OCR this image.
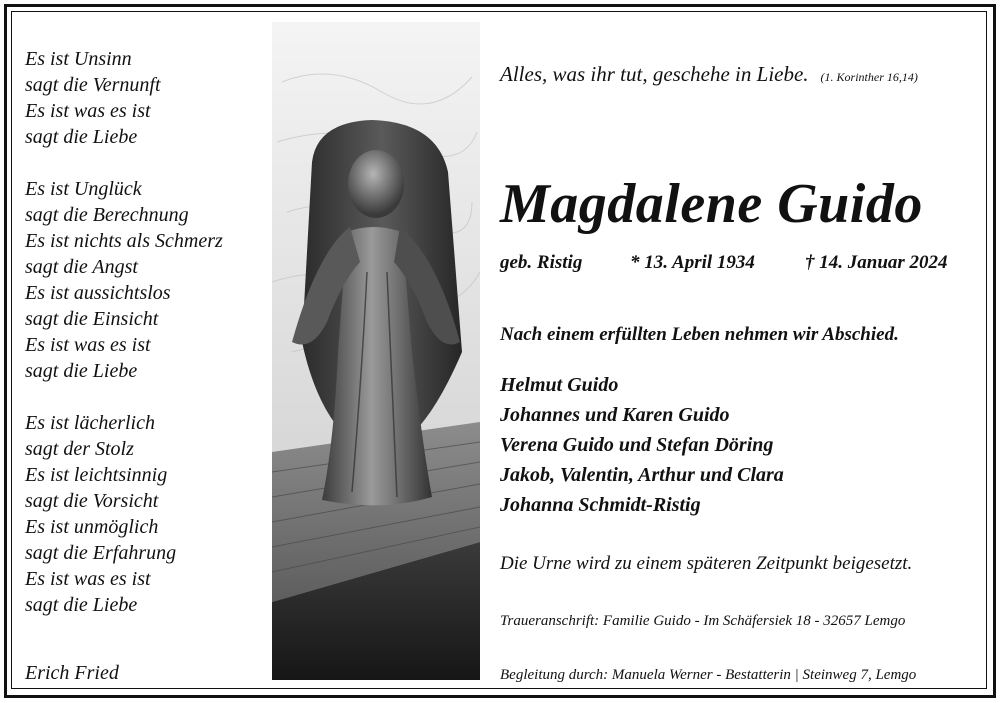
Es ist Unsinn
sagt die Vernunft
Es ist was es ist
sagt die Liebe
Es ist Unglück
sagt die Berechnung
Es ist nichts als Schmerz
sagt die Angst
Es ist aussichtslos
sagt die Einsicht
Es ist was es ist
sagt die Liebe
Es ist lächerlich
sagt der Stolz
Es ist leichtsinnig
sagt die Vorsicht
Es ist unmöglich
sagt die Erfahrung
Es ist was es ist
sagt die Liebe
Erich Fried
Alles, was ihr tut, geschehe in Liebe. (1. Korinther 16,14)
Magdalene Guido
geb. Ristig	* 13. April 1934	† 14. Januar 2024
Nach einem erfüllten Leben nehmen wir Abschied.
Helmut Guido
Johannes und Karen Guido
Verena Guido und Stefan Döring
Jakob, Valentin, Arthur und Clara
Johanna Schmidt-Ristig
Die Urne wird zu einem späteren Zeitpunkt beigesetzt.
Traueranschrift: Familie Guido - Im Schäfersiek 18 - 32657 Lemgo
Begleitung durch: Manuela Werner - Bestatterin | Steinweg 7, Lemgo
